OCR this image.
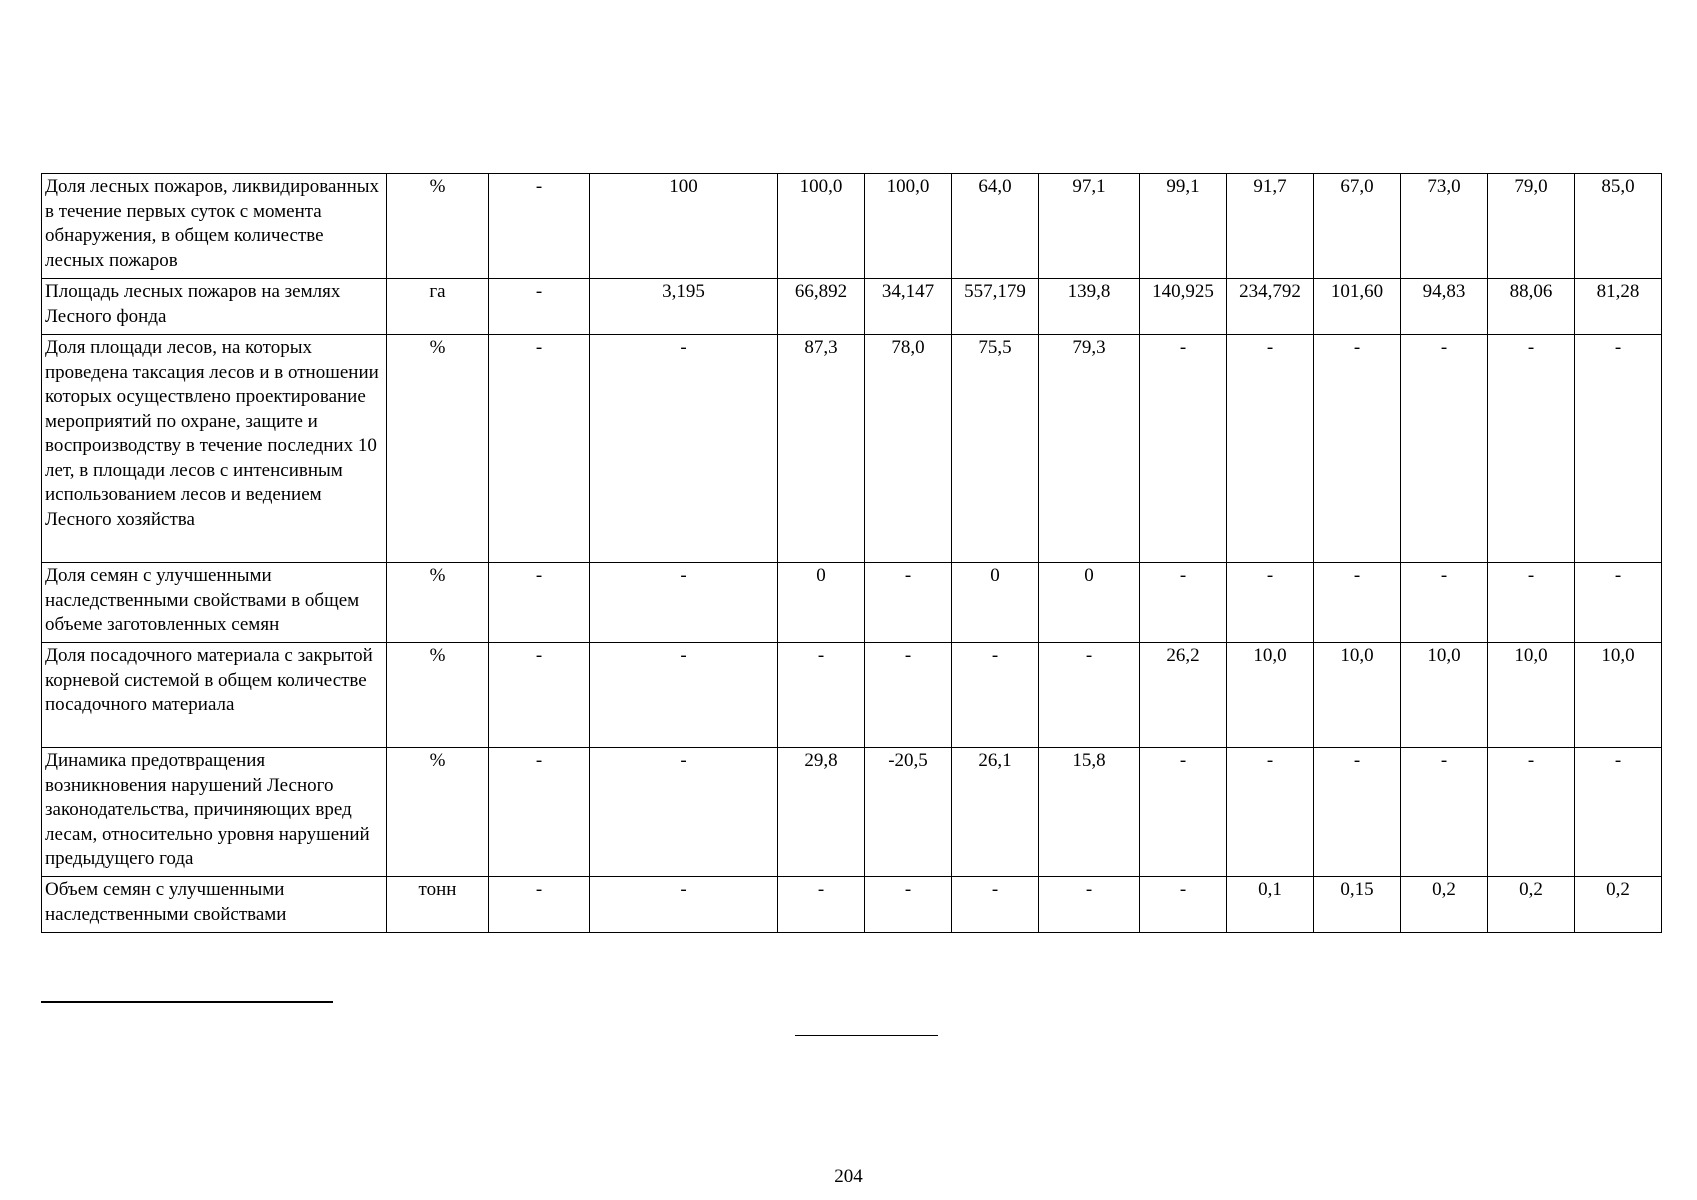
Доля лесных пожаров, ликвидированных в течение первых суток с момента обнаружения, в общем количестве лесных пожаров	%	-	100	100,0	100,0	64,0	97,1	99,1	91,7	67,0	73,0	79,0	85,0
Площадь лесных пожаров на землях Лесного фонда	га	-	3,195	66,892	34,147	557,179	139,8	140,925	234,792	101,60	94,83	88,06	81,28
Доля площади лесов, на которых проведена таксация лесов и в отношении которых осуществлено проектирование мероприятий по охране, защите и воспроизводству в течение последних 10 лет, в площади лесов с интенсивным использованием лесов и ведением Лесного хозяйства	%	-	-	87,3	78,0	75,5	79,3	-	-	-	-	-	-
Доля семян с улучшенными наследственными свойствами в общем объеме заготовленных семян	%	-	-	0	-	0	0	-	-	-	-	-	-
Доля посадочного материала с закрытой корневой системой в общем количестве посадочного материала	%	-	-	-	-	-	-	26,2	10,0	10,0	10,0	10,0	10,0
Динамика предотвращения возникновения нарушений Лесного законодательства, причиняющих вред лесам, относительно уровня нарушений предыдущего года	%	-	-	29,8	-20,5	26,1	15,8	-	-	-	-	-	-
Объем семян с улучшенными наследственными свойствами	тонн	-	-	-	-	-	-	-	0,1	0,15	0,2	0,2	0,2
204
